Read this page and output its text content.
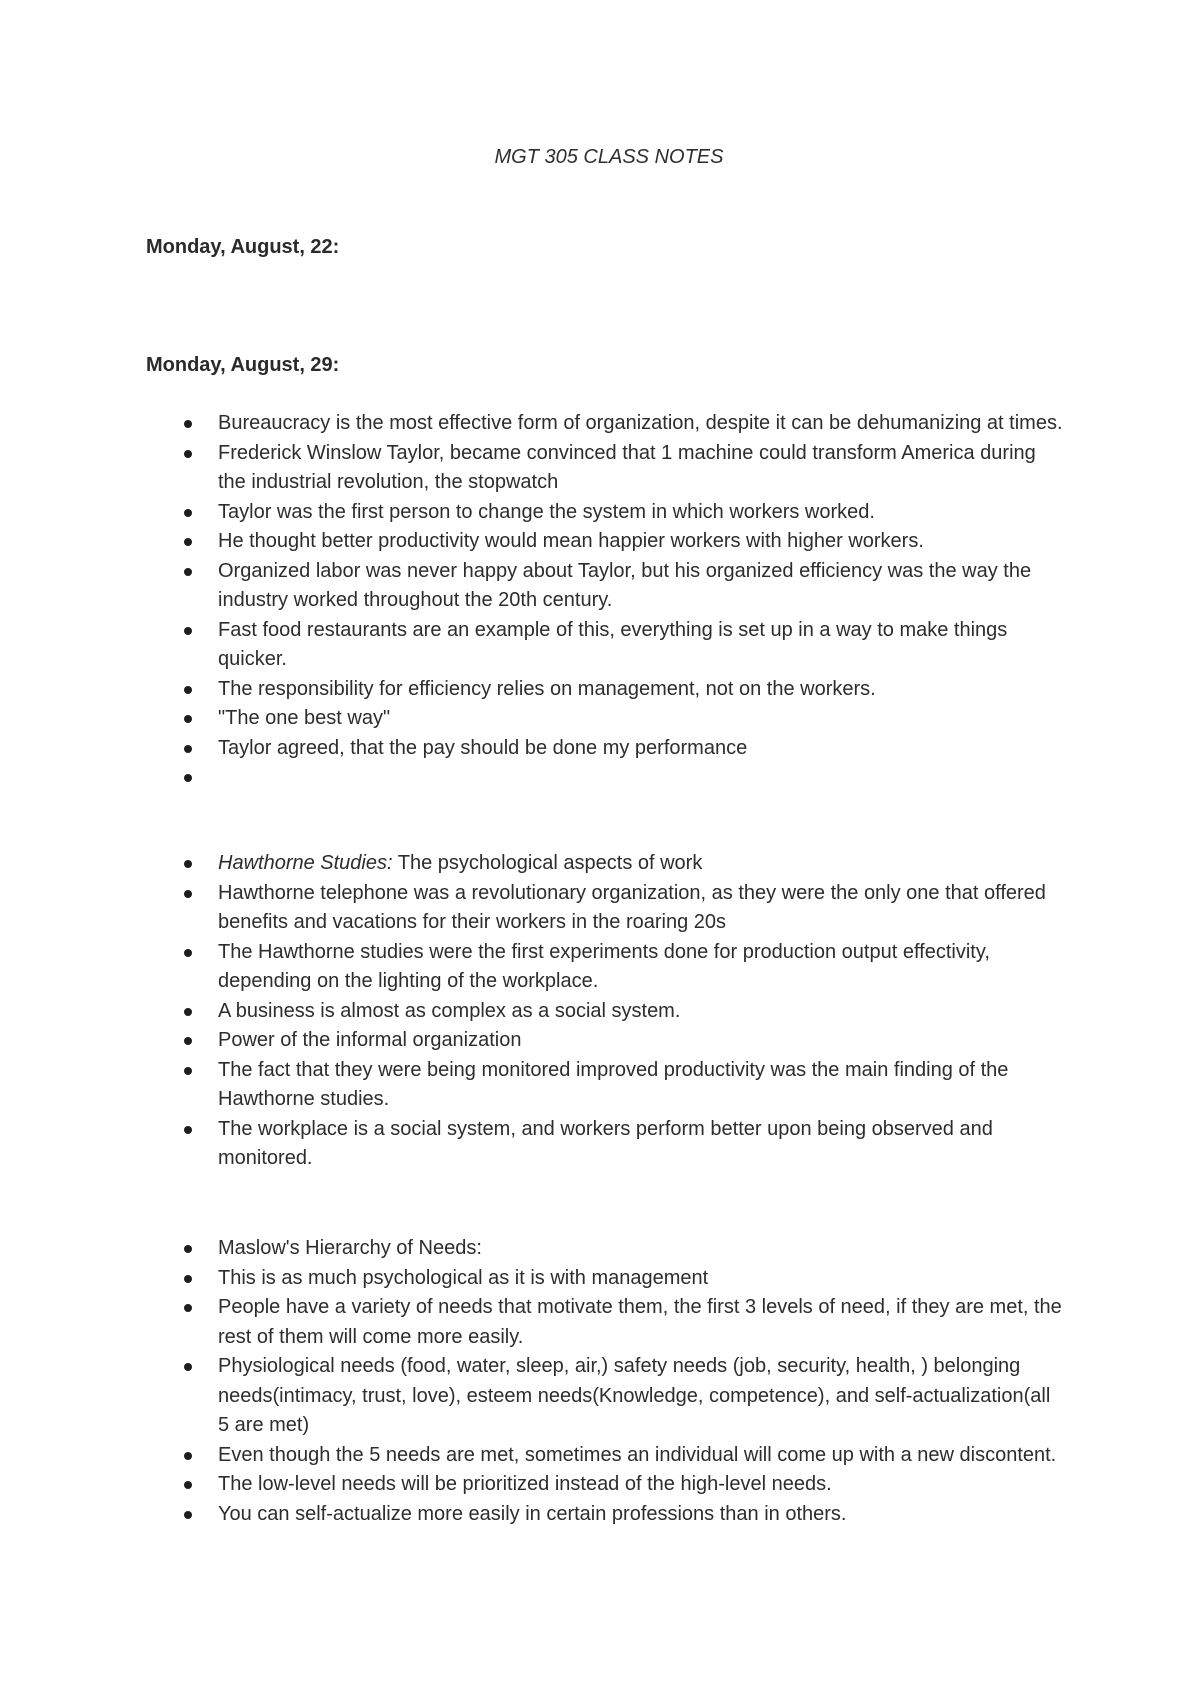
MGT 305 CLASS NOTES
Monday, August, 22:
Monday, August, 29:
Bureaucracy is the most effective form of organization, despite it can be dehumanizing at times.
Frederick Winslow Taylor, became convinced that 1 machine could transform America during the industrial revolution, the stopwatch
Taylor was the first person to change the system in which workers worked.
He thought better productivity would mean happier workers with higher workers.
Organized labor was never happy about Taylor, but his organized efficiency was the way the industry worked throughout the 20th century.
Fast food restaurants are an example of this, everything is set up in a way to make things quicker.
The responsibility for efficiency relies on management, not on the workers.
"The one best way"
Taylor agreed, that the pay should be done my performance
Hawthorne Studies: The psychological aspects of work
Hawthorne telephone was a revolutionary organization, as they were the only one that offered benefits and vacations for their workers in the roaring 20s
The Hawthorne studies were the first experiments done for production output effectivity, depending on the lighting of the workplace.
A business is almost as complex as a social system.
Power of the informal organization
The fact that they were being monitored improved productivity was the main finding of the Hawthorne studies.
The workplace is a social system, and workers perform better upon being observed and monitored.
Maslow's Hierarchy of Needs:
This is as much psychological as it is with management
People have a variety of needs that motivate them, the first 3 levels of need, if they are met, the rest of them will come more easily.
Physiological needs (food, water, sleep, air,) safety needs (job, security, health, ) belonging needs(intimacy, trust, love), esteem needs(Knowledge, competence), and self-actualization(all 5 are met)
Even though the 5 needs are met, sometimes an individual will come up with a new discontent.
The low-level needs will be prioritized instead of the high-level needs.
You can self-actualize more easily in certain professions than in others.
